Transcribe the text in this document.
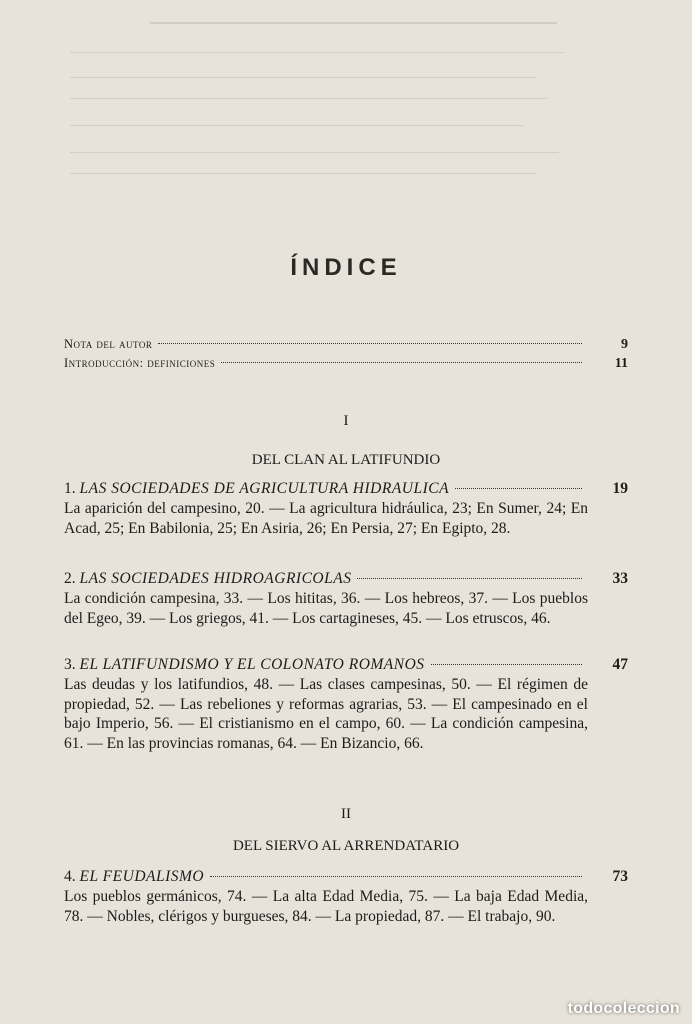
ÍNDICE
Nota del autor	9
Introducción: definiciones	11
I
DEL CLAN AL LATIFUNDIO
1.
LAS SOCIEDADES DE AGRICULTURA HIDRAULICA	19
La aparición del campesino, 20. — La agricultura hidráulica, 23; En Sumer, 24; En Acad, 25; En Babilonia, 25; En Asiria, 26; En Persia, 27; En Egipto, 28.
2.
LAS SOCIEDADES HIDROAGRICOLAS	33
La condición campesina, 33. — Los hititas, 36. — Los hebreos, 37. — Los pueblos del Egeo, 39. — Los griegos, 41. — Los cartagineses, 45. — Los etruscos, 46.
3.
EL LATIFUNDISMO Y EL COLONATO ROMANOS	47
Las deudas y los latifundios, 48. — Las clases campesinas, 50. — El régimen de propiedad, 52. — Las rebeliones y reformas agrarias, 53. — El campesinado en el bajo Imperio, 56. — El cristianismo en el campo, 60. — La condición campesina, 61. — En las provincias romanas, 64. — En Bizancio, 66.
II
DEL SIERVO AL ARRENDATARIO
4.
EL FEUDALISMO	73
Los pueblos germánicos, 74. — La alta Edad Media, 75. — La baja Edad Media, 78. — Nobles, clérigos y burgueses, 84. — La propiedad, 87. — El trabajo, 90.
todocoleccion
